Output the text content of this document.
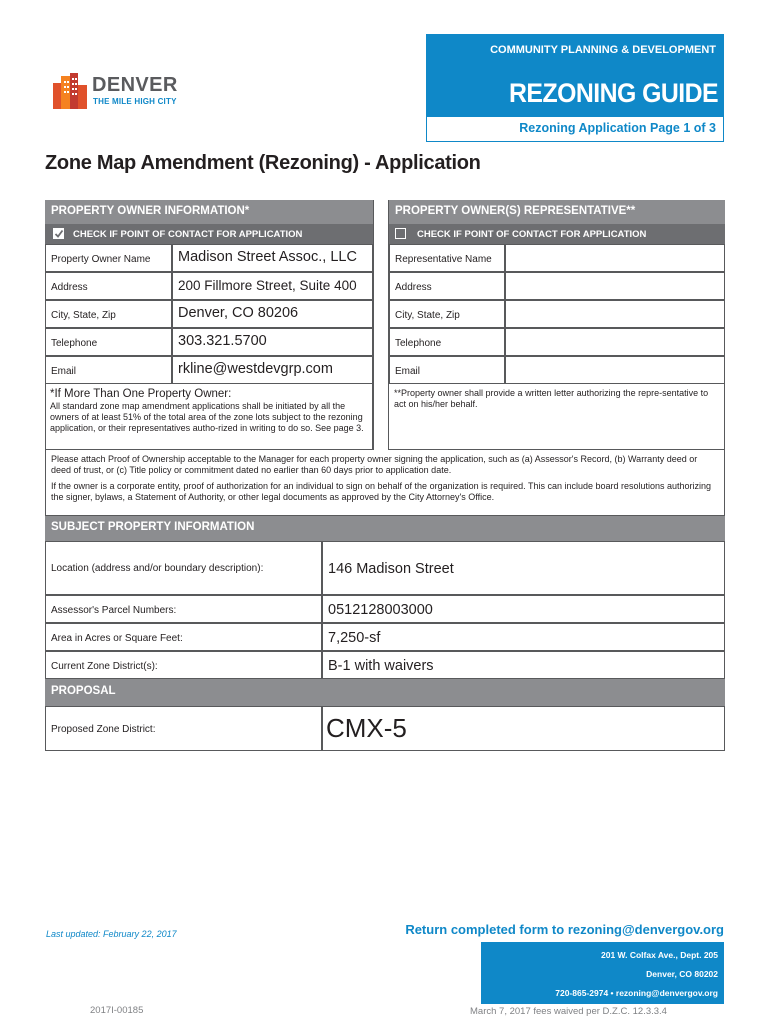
COMMUNITY PLANNING & DEVELOPMENT
REZONING GUIDE
Rezoning Application Page 1 of 3
DENVER
THE MILE HIGH CITY
Zone Map Amendment (Rezoning) - Application
PROPERTY OWNER INFORMATION*
CHECK IF POINT OF CONTACT FOR APPLICATION
PROPERTY OWNER(S) REPRESENTATIVE**
CHECK IF POINT OF CONTACT FOR APPLICATION
Property Owner Name	Madison Street Assoc., LLC
Address	200 Fillmore Street, Suite 400
City, State, Zip	Denver, CO 80206
Telephone	303.321.5700
Email	rkline@westdevgrp.com
Representative Name
Address
City, State, Zip
Telephone
Email
*If More Than One Property Owner:
All standard zone map amendment applications shall be initiated by all the owners of at least 51% of the total area of the zone lots subject to the rezoning application, or their representatives autho-rized in writing to do so. See page 3.
**Property owner shall provide a written letter authorizing the repre-sentative to act on his/her behalf.
Please attach Proof of Ownership acceptable to the Manager for each property owner signing the application, such as (a) Assessor's Record, (b) Warranty deed or deed of trust, or (c) Title policy or commitment dated no earlier than 60 days prior to application date.
If the owner is a corporate entity, proof of authorization for an individual to sign on behalf of the organization is required. This can include board resolutions authorizing the signer, bylaws, a Statement of Authority, or other legal documents as approved by the City Attorney's Office.
SUBJECT PROPERTY INFORMATION
Location (address and/or boundary description):	146 Madison Street
Assessor's Parcel Numbers:	0512128003000
Area in Acres or Square Feet:	7,250-sf
Current Zone District(s):	B-1 with waivers
PROPOSAL
Proposed Zone District:	CMX-5
Last updated: February 22, 2017	Return completed form to rezoning@denvergov.org
201 W. Colfax Ave., Dept. 205
Denver, CO 80202
720-865-2974 • rezoning@denvergov.org
2017I-00185	March 7, 2017 fees waived per D.Z.C. 12.3.3.4
